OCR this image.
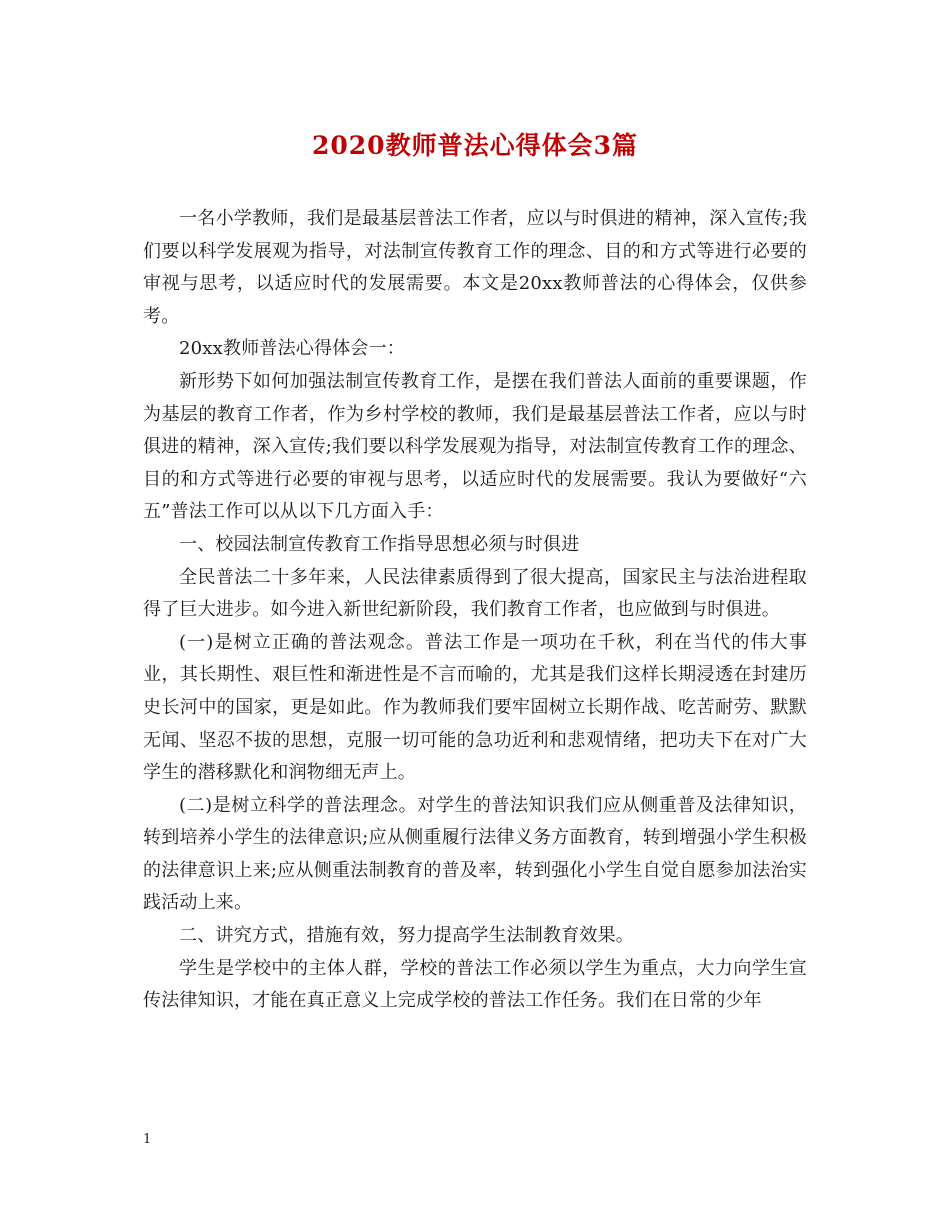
2020教师普法心得体会3篇

一名小学教师，我们是最基层普法工作者，应以与时俱进的精神，深入宣传;我们要以科学发展观为指导，对法制宣传教育工作的理念、目的和方式等进行必要的审视与思考，以适应时代的发展需要。本文是20xx教师普法的心得体会，仅供参考。

20xx教师普法心得体会一：

新形势下如何加强法制宣传教育工作，是摆在我们普法人面前的重要课题，作为基层的教育工作者，作为乡村学校的教师，我们是最基层普法工作者，应以与时俱进的精神，深入宣传;我们要以科学发展观为指导，对法制宣传教育工作的理念、目的和方式等进行必要的审视与思考，以适应时代的发展需要。我认为要做好“六五”普法工作可以从以下几方面入手：

一、校园法制宣传教育工作指导思想必须与时俱进

全民普法二十多年来，人民法律素质得到了很大提高，国家民主与法治进程取得了巨大进步。如今进入新世纪新阶段，我们教育工作者，也应做到与时俱进。

(一)是树立正确的普法观念。普法工作是一项功在千秋，利在当代的伟大事业，其长期性、艰巨性和渐进性是不言而喻的，尤其是我们这样长期浸透在封建历史长河中的国家，更是如此。作为教师我们要牢固树立长期作战、吃苦耐劳、默默无闻、坚忍不拔的思想，克服一切可能的急功近利和悲观情绪，把功夫下在对广大学生的潜移默化和润物细无声上。

(二)是树立科学的普法理念。对学生的普法知识我们应从侧重普及法律知识，转到培养小学生的法律意识;应从侧重履行法律义务方面教育，转到增强小学生积极的法律意识上来;应从侧重法制教育的普及率，转到强化小学生自觉自愿参加法治实践活动上来。

二、讲究方式，措施有效，努力提高学生法制教育效果。

学生是学校中的主体人群，学校的普法工作必须以学生为重点，大力向学生宣传法律知识，才能在真正意义上完成学校的普法工作任务。我们在日常的少年

1
